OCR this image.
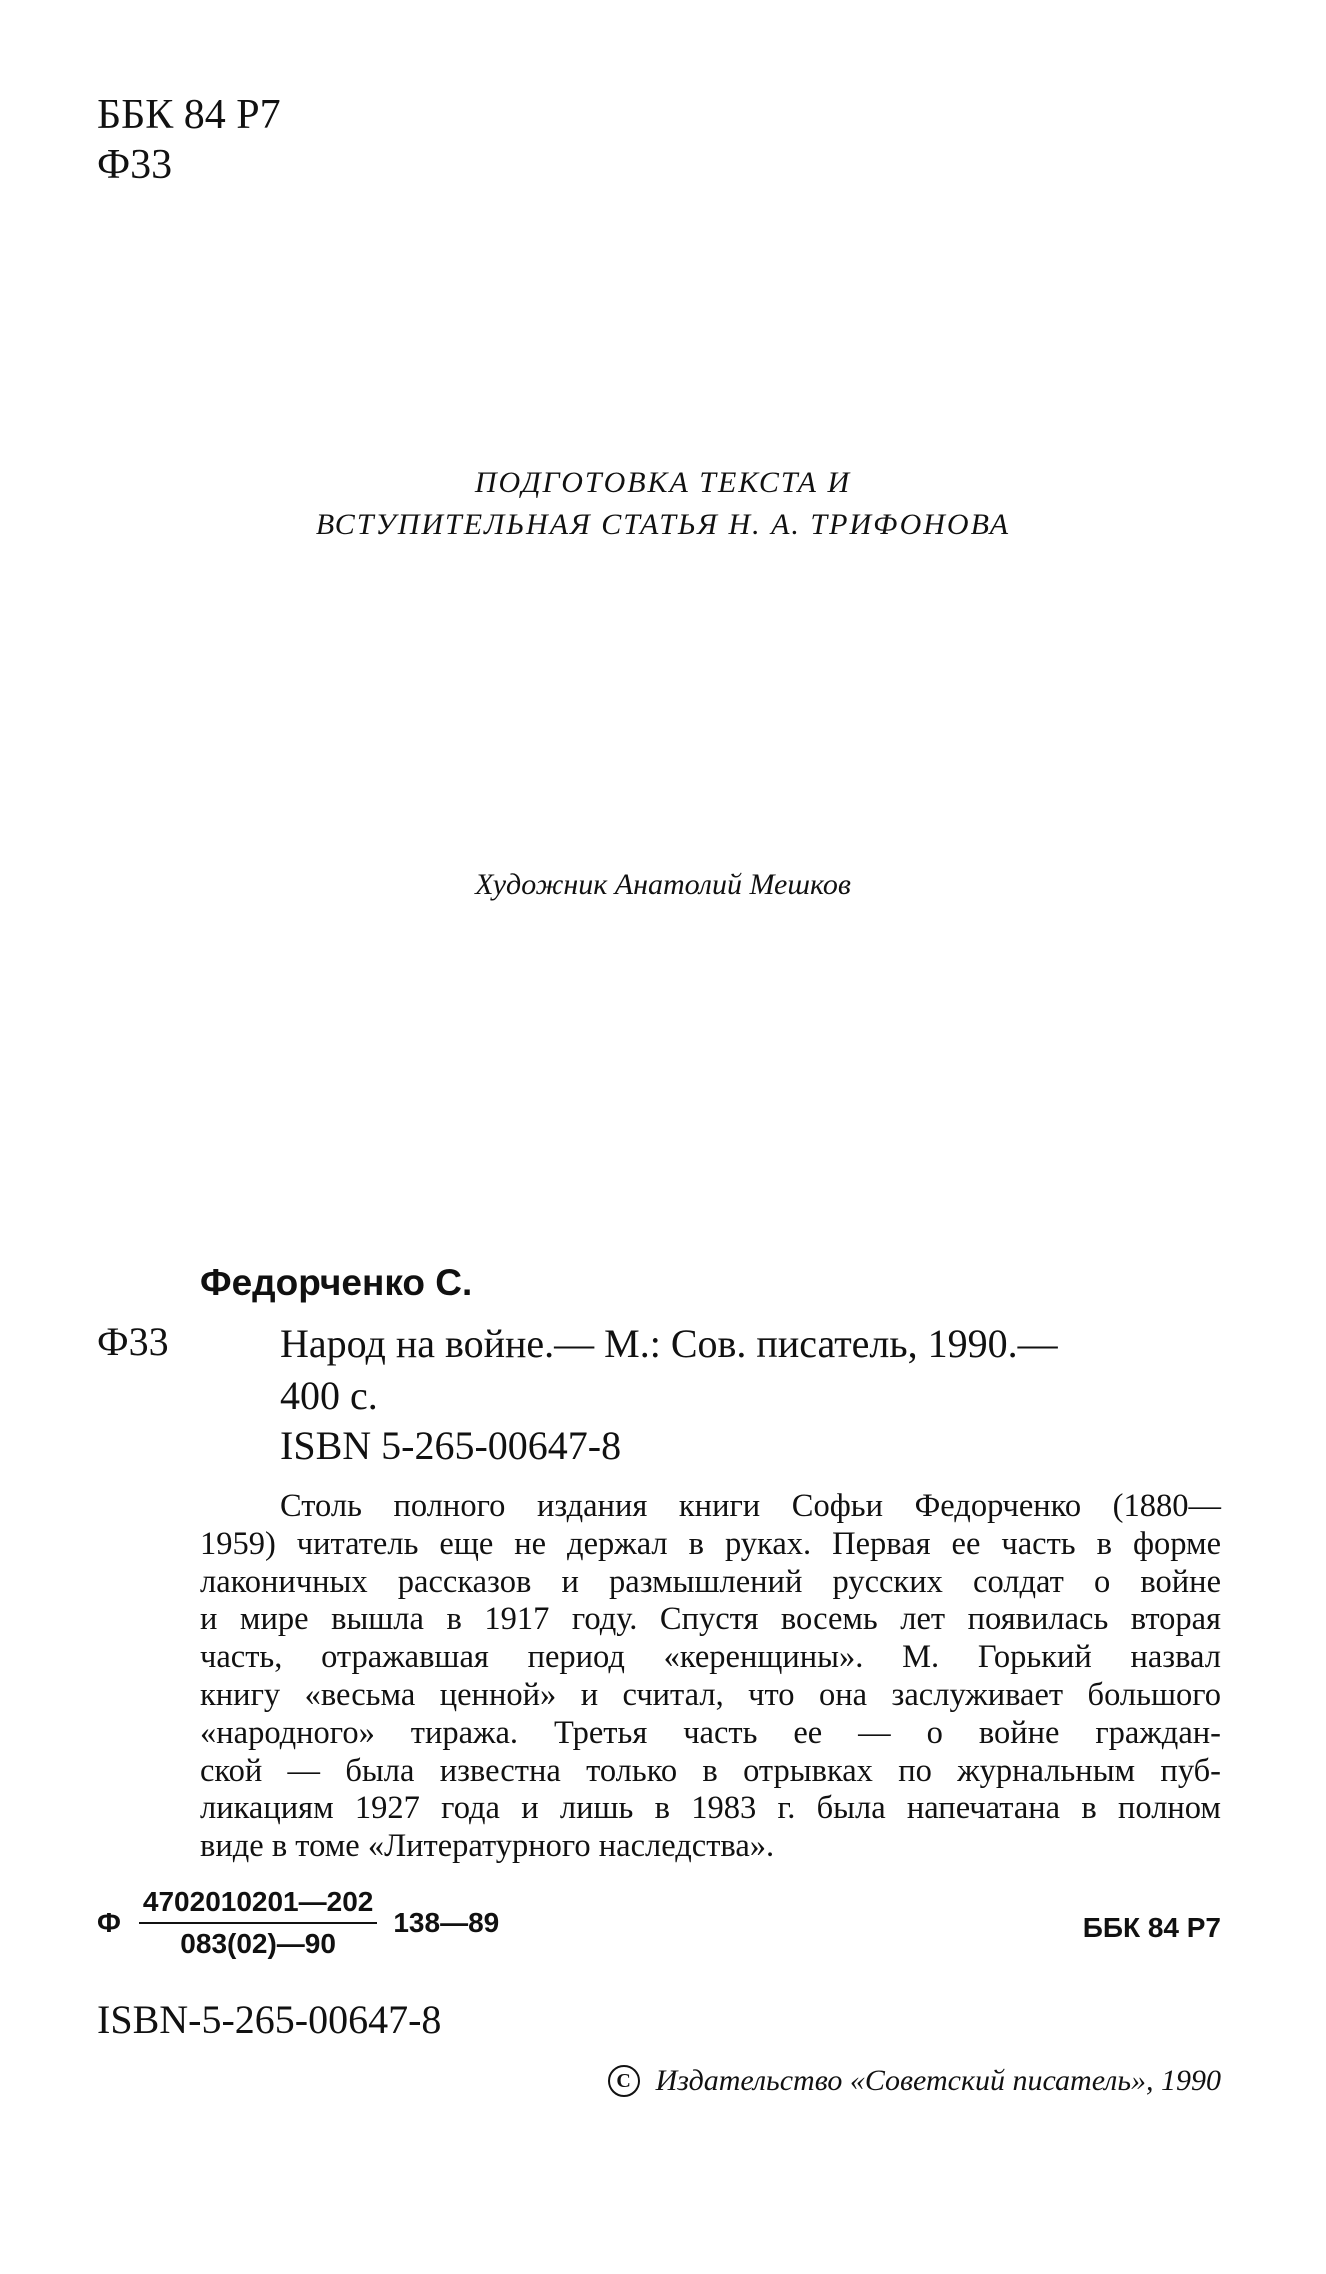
ББК 84 Р7
Ф33
ПОДГОТОВКА ТЕКСТА И
ВСТУПИТЕЛЬНАЯ СТАТЬЯ Н. А. ТРИФОНОВА
Художник Анатолий Мешков
Федорченко С.
Ф33	Народ на войне.— М.: Сов. писатель, 1990.—
400 с.
ISBN 5-265-00647-8
Столь полного издания книги Софьи Федорченко (1880—
1959) читатель еще не держал в руках. Первая ее часть в форме
лаконичных рассказов и размышлений русских солдат о войне
и мире вышла в 1917 году. Спустя восемь лет появилась вторая
часть, отражавшая период «керенщины». М. Горький назвал
книгу «весьма ценной» и считал, что она заслуживает большого
«народного» тиража. Третья часть ее — о войне граждан-
ской — была известна только в отрывках по журнальным пуб-
ликациям 1927 года и лишь в 1983 г. была напечатана в полном
виде в томе «Литературного наследства».
Ф $\frac{4702010201—202}{083(02)—90}$ 138—89	ББК 84 Р7
ISBN-5-265-00647-8
C Издательство «Советский писатель», 1990
